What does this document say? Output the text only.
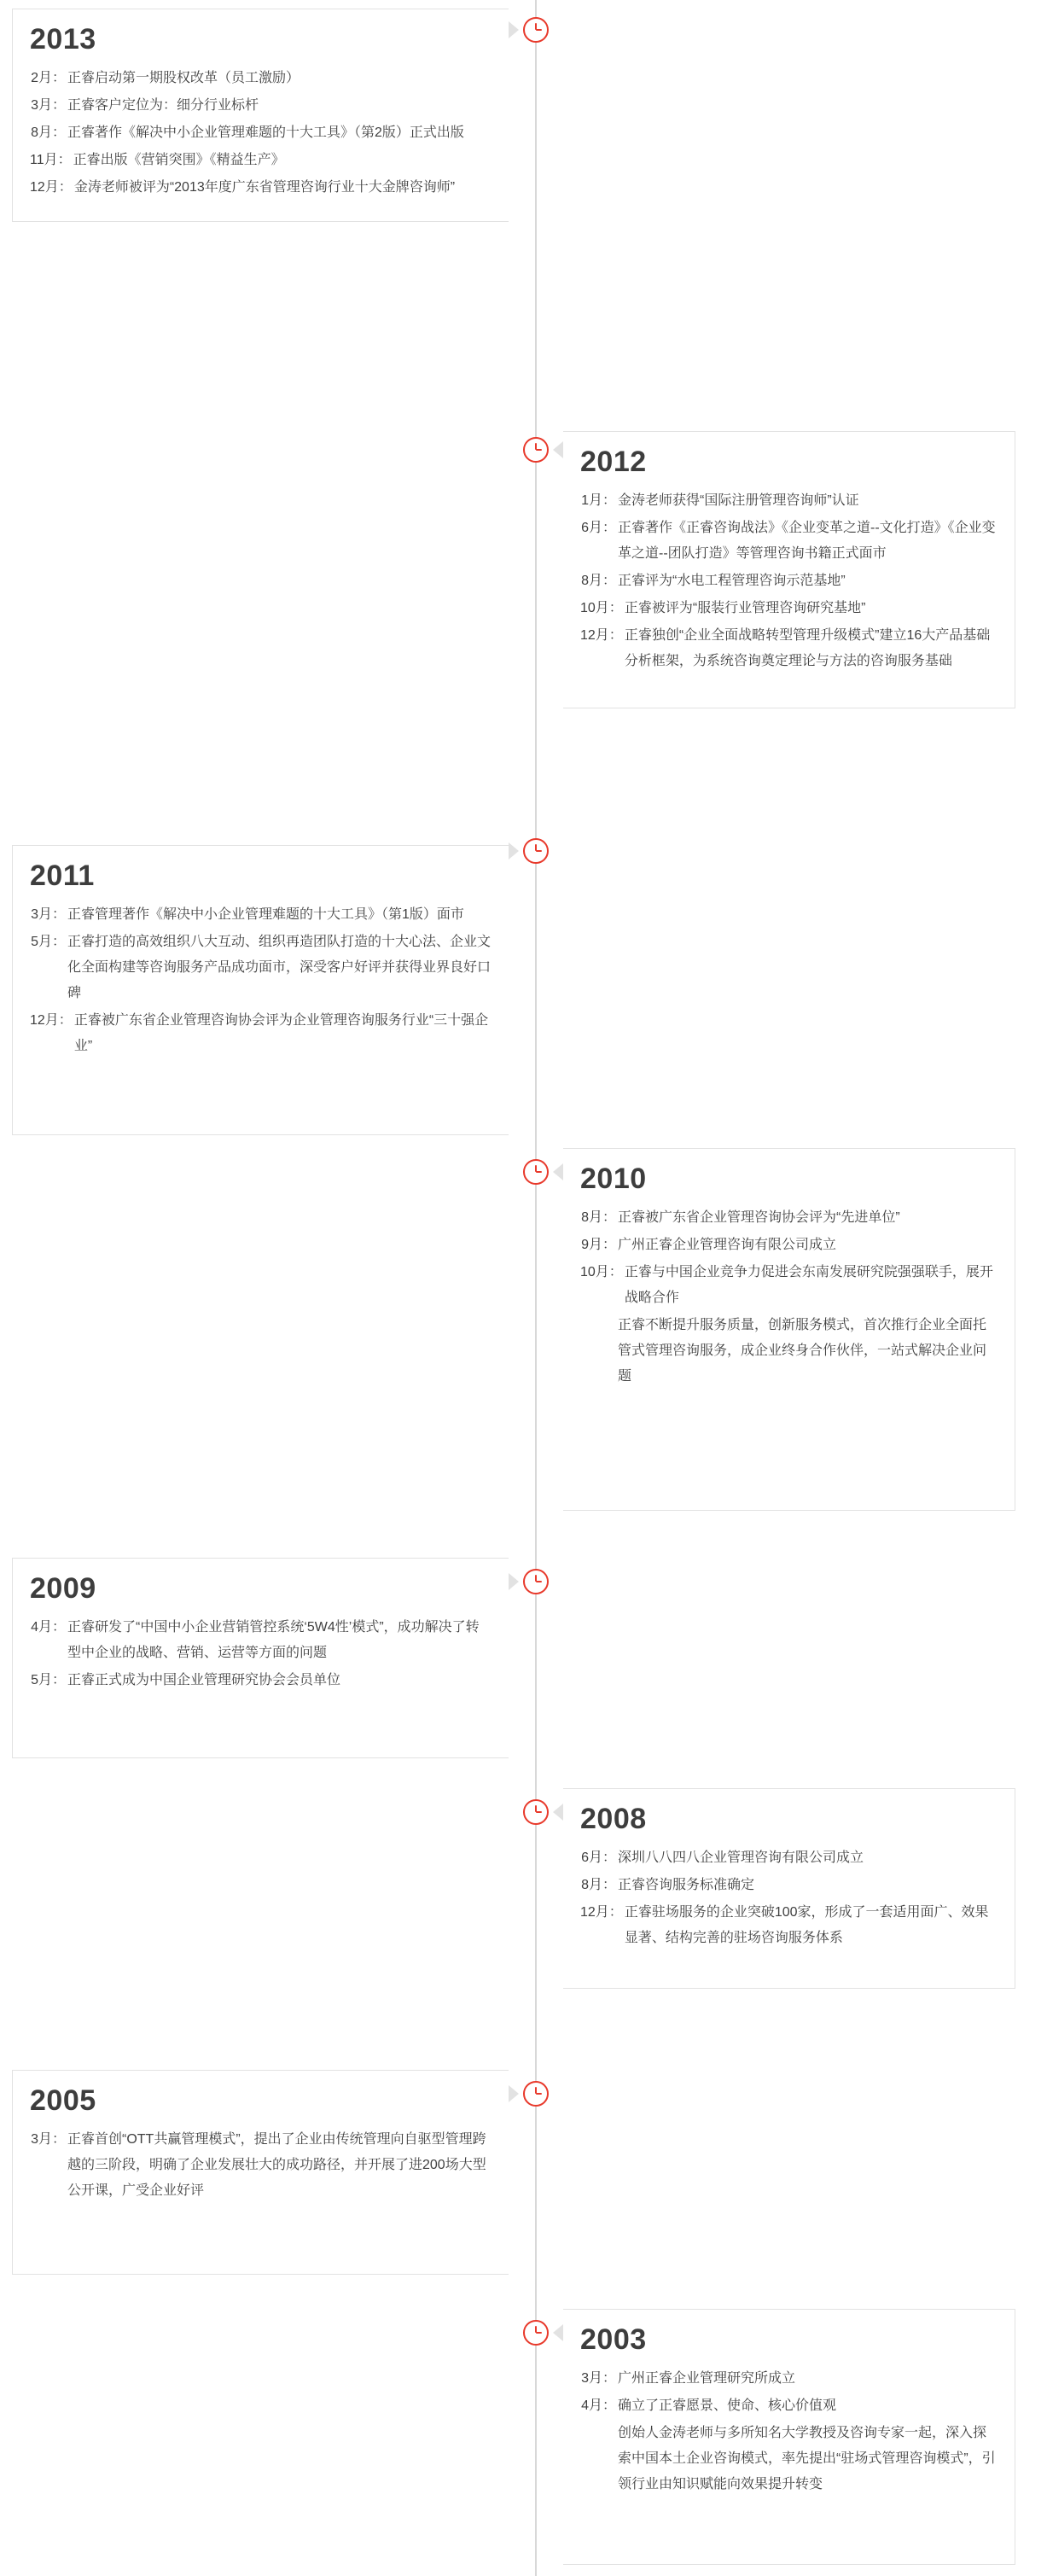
2013
2月： 正睿启动第一期股权改革（员工激励）
3月： 正睿客户定位为：细分行业标杆
8月： 正睿著作《解决中小企业管理难题的十大工具》（第2版）正式出版
11月： 正睿出版《营销突围》《精益生产》
12月： 金涛老师被评为“2013年度广东省管理咨询行业十大金牌咨询师”
2012
1月： 金涛老师获得“国际注册管理咨询师”认证
6月： 正睿著作《正睿咨询战法》《企业变革之道--文化打造》《企业变革之道--团队打造》等管理咨询书籍正式面市
8月： 正睿评为“水电工程管理咨询示范基地”
10月： 正睿被评为“服装行业管理咨询研究基地”
12月： 正睿独创“企业全面战略转型管理升级模式”建立16大产品基础分析框架，为系统咨询奠定理论与方法的咨询服务基础
2011
3月： 正睿管理著作《解决中小企业管理难题的十大工具》（第1版）面市
5月： 正睿打造的高效组织八大互动、组织再造团队打造的十大心法、企业文化全面构建等咨询服务产品成功面市，深受客户好评并获得业界良好口碑
12月： 正睿被广东省企业管理咨询协会评为企业管理咨询服务行业“三十强企业”
2010
8月： 正睿被广东省企业管理咨询协会评为“先进单位”
9月： 广州正睿企业管理咨询有限公司成立
10月： 正睿与中国企业竞争力促进会东南发展研究院强强联手，展开战略合作
正睿不断提升服务质量，创新服务模式，首次推行企业全面托管式管理咨询服务，成企业终身合作伙伴，一站式解决企业问题
2009
4月： 正睿研发了“中国中小企业营销管控系统‘5W4性’模式”，成功解决了转型中企业的战略、营销、运营等方面的问题
5月： 正睿正式成为中国企业管理研究协会会员单位
2008
6月： 深圳八八四八企业管理咨询有限公司成立
8月： 正睿咨询服务标准确定
12月： 正睿驻场服务的企业突破100家，形成了一套适用面广、效果显著、结构完善的驻场咨询服务体系
2005
3月： 正睿首创“OTT共赢管理模式”，提出了企业由传统管理向自驱型管理跨越的三阶段，明确了企业发展壮大的成功路径，并开展了进200场大型公开课，广受企业好评
2003
3月： 广州正睿企业管理研究所成立
4月： 确立了正睿愿景、使命、核心价值观
创始人金涛老师与多所知名大学教授及咨询专家一起，深入探索中国本土企业咨询模式，率先提出“驻场式管理咨询模式”，引领行业由知识赋能向效果提升转变
